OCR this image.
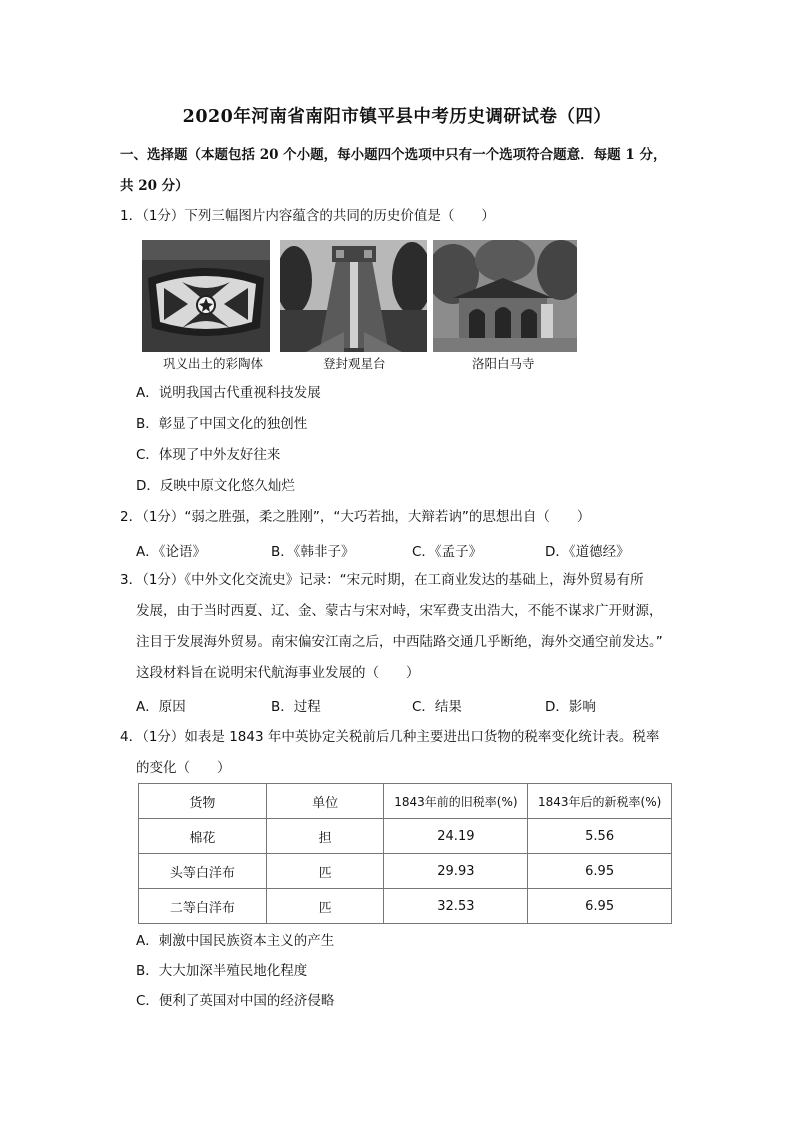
2020年河南省南阳市镇平县中考历史调研试卷（四）
一、选择题（本题包括 20 个小题，每小题四个选项中只有一个选项符合题意．每题 1 分，
共 20 分）
1．（1分）下列三幅图片内容蕴含的共同的历史价值是（　　）
巩义出土的彩陶体	登封观星台	洛阳白马寺
A．说明我国古代重视科技发展
B．彰显了中国文化的独创性
C．体现了中外友好往来
D．反映中原文化悠久灿烂
2．（1分）“弱之胜强，柔之胜刚”，“大巧若拙，大辩若讷”的思想出自（　　）
A．《论语》	B．《韩非子》	C．《孟子》	D．《道德经》
3．（1分）《中外文化交流史》记录：“宋元时期，在工商业发达的基础上，海外贸易有所
发展，由于当时西夏、辽、金、蒙古与宋对峙，宋军费支出浩大，不能不谋求广开财源，
注目于发展海外贸易。南宋偏安江南之后，中西陆路交通几乎断绝，海外交通空前发达。”
这段材料旨在说明宋代航海事业发展的（　　）
A．原因	B．过程	C．结果	D．影响
4．（1分）如表是 1843 年中英协定关税前后几种主要进出口货物的税率变化统计表。税率
的变化（　　）
货物	单位	1843年前的旧税率(%)	1843年后的新税率(%)
棉花	担	24.19	5.56
头等白洋布	匹	29.93	6.95
二等白洋布	匹	32.53	6.95
A．刺激中国民族资本主义的产生
B．大大加深半殖民地化程度
C．便利了英国对中国的经济侵略
